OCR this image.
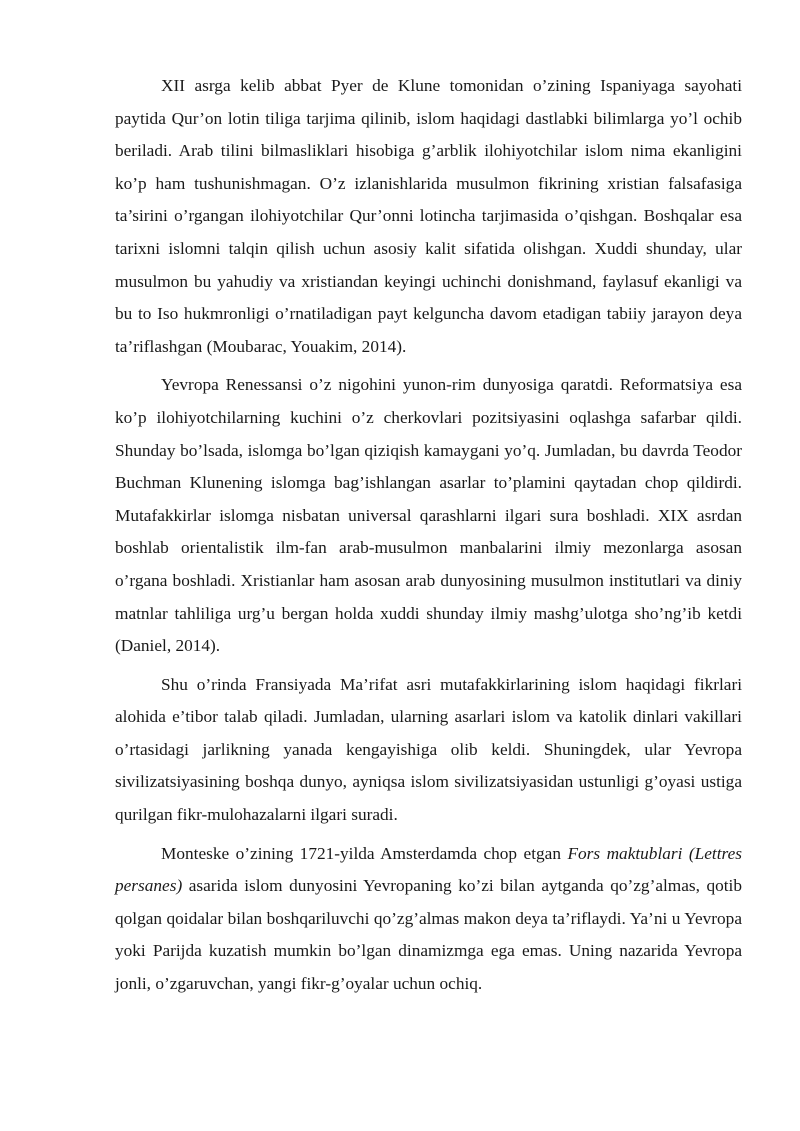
XII asrga kelib abbat Pyer de Klune tomonidan o’zining Ispaniyaga sayohati paytida Qur’on lotin tiliga tarjima qilinib, islom haqidagi dastlabki bilimlarga yo’l ochib beriladi. Arab tilini bilmasliklari hisobiga g’arblik ilohiyotchilar islom nima ekanligini ko’p ham tushunishmagan. O’z izlanishlarida musulmon fikrining xristian falsafasiga ta’sirini o’rgangan ilohiyotchilar Qur’onni lotincha tarjimasida o’qishgan. Boshqalar esa tarixni islomni talqin qilish uchun asosiy kalit sifatida olishgan. Xuddi shunday, ular musulmon bu yahudiy va xristiandan keyingi uchinchi donishmand, faylasuf ekanligi va bu to Iso hukmronligi o’rnatiladigan payt kelguncha davom etadigan tabiiy jarayon deya ta’riflashgan (Moubarac, Youakim, 2014).

Yevropa Renessansi o’z nigohini yunon-rim dunyosiga qaratdi. Reformatsiya esa ko’p ilohiyotchilarning kuchini o’z cherkovlari pozitsiyasini oqlashga safarbar qildi. Shunday bo’lsada, islomga bo’lgan qiziqish kamaygani yo’q. Jumladan, bu davrda Teodor Buchman Klunening islomga bag’ishlangan asarlar to’plamini qaytadan chop qildirdi. Mutafakkirlar islomga nisbatan universal qarashlarni ilgari sura boshladi. XIX asrdan boshlab orientalistik ilm-fan arab-musulmon manbalarini ilmiy mezonlarga asosan o’rgana boshladi. Xristianlar ham asosan arab dunyosining musulmon institutlari va diniy matnlar tahliliga urg’u bergan holda xuddi shunday ilmiy mashg’ulotga sho’ng’ib ketdi (Daniel, 2014).

Shu o’rinda Fransiyada Ma’rifat asri mutafakkirlarining islom haqidagi fikrlari alohida e’tibor talab qiladi. Jumladan, ularning asarlari islom va katolik dinlari vakillari o’rtasidagi jarlikning yanada kengayishiga olib keldi. Shuningdek, ular Yevropa sivilizatsiyasining boshqa dunyo, ayniqsa islom sivilizatsiyasidan ustunligi g’oyasi ustiga qurilgan fikr-mulohazalarni ilgari suradi.

Monteske o’zining 1721-yilda Amsterdamda chop etgan Fors maktublari (Lettres persanes) asarida islom dunyosini Yevropaning ko’zi bilan aytganda qo’zg’almas, qotib qolgan qoidalar bilan boshqariluvchi qo’zg’almas makon deya ta’riflaydi. Ya’ni u Yevropa yoki Parijda kuzatish mumkin bo’lgan dinamizmga ega emas. Uning nazarida Yevropa jonli, o’zgaruvchan, yangi fikr-g’oyalar uchun ochiq.
